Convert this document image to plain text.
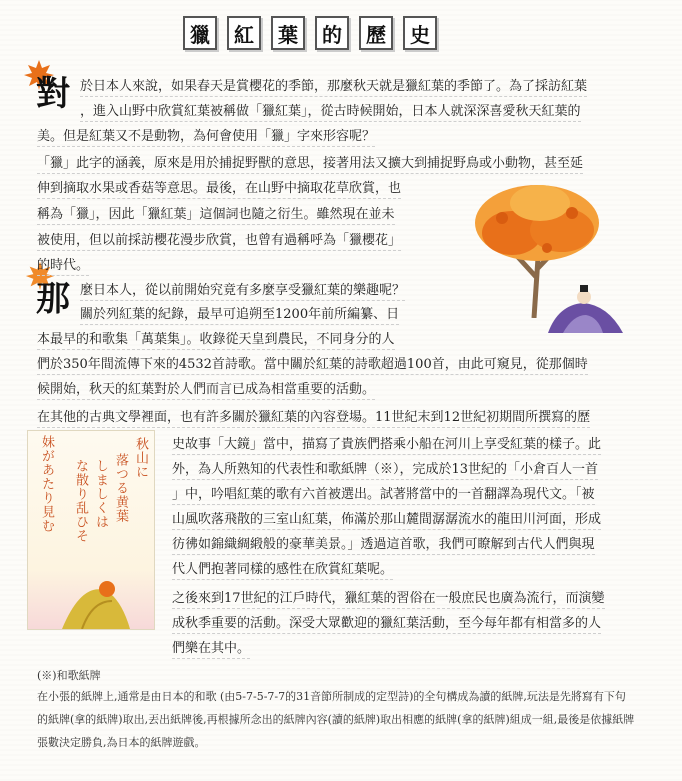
獵	紅	葉	的	歷	史
對 於日本人來說，如果春天是賞櫻花的季節，那麼秋天就是獵紅葉的季節了。為了採訪紅葉
，進入山野中欣賞紅葉被稱做「獵紅葉」，從古時候開始，日本人就深深喜愛秋天紅葉的
美。但是紅葉又不是動物，為何會使用「獵」字來形容呢？
「獵」此字的涵義，原來是用於捕捉野獸的意思，接著用法又擴大到捕捉野鳥或小動物，甚至延
伸到摘取水果或香菇等意思。最後，在山野中摘取花草欣賞，也
稱為「獵」，因此「獵紅葉」這個詞也隨之衍生。雖然現在並未
被使用，但以前採訪櫻花漫步欣賞，也曾有過稱呼為「獵櫻花」
的時代。
那 麼日本人，從以前開始究竟有多麼享受獵紅葉的樂趣呢？
關於列紅葉的紀錄，最早可追朔至1200年前所編纂、日
本最早的和歌集「萬葉集」。收錄從天皇到農民，不同身分的人
們於350年間流傳下來的4532首詩歌。當中關於紅葉的詩歌超過100首，由此可窺見，從那個時
候開始，秋天的紅葉對於人們而言已成為相當重要的活動。
在其他的古典文學裡面，也有許多關於獵紅葉的內容登場。11世紀末到12世紀初期間所撰寫的歷
史故事「大鏡」當中，描寫了貴族們搭乘小船在河川上享受紅葉的樣子。此
外，為人所熟知的代表性和歌紙牌（※），完成於13世紀的「小倉百人一首
」中，吟唱紅葉的歌有六首被選出。試著將當中的一首翻譯為現代文。「被
山風吹落飛散的三室山紅葉，佈滿於那山麓間潺潺流水的龍田川河面，形成
彷彿如錦織綢緞般的豪華美景。」透過這首歌，我們可瞭解到古代人們與現
代人們抱著同樣的感性在欣賞紅葉呢。
之後來到17世紀的江戶時代，獵紅葉的習俗在一般庶民也廣為流行，而演變
成秋季重要的活動。深受大眾歡迎的獵紅葉活動，至今每年都有相當多的人
們樂在其中。
秋山に
落つる黄葉
しましくは
な散り乱ひそ
妹があたり見む
(※)和歌紙牌
在小張的紙牌上,通常是由日本的和歌 (由5-7-5-7-7的31音節所制成的定型詩)的全句構成為讀的紙牌,玩法是先將寫有下句
的紙牌(拿的紙牌)取出,丟出紙牌後,再根據所念出的紙牌內容(讀的紙牌)取出相應的紙牌(拿的紙牌)組成一組,最後是依據紙牌
張數決定勝負,為日本的紙牌遊戲。
